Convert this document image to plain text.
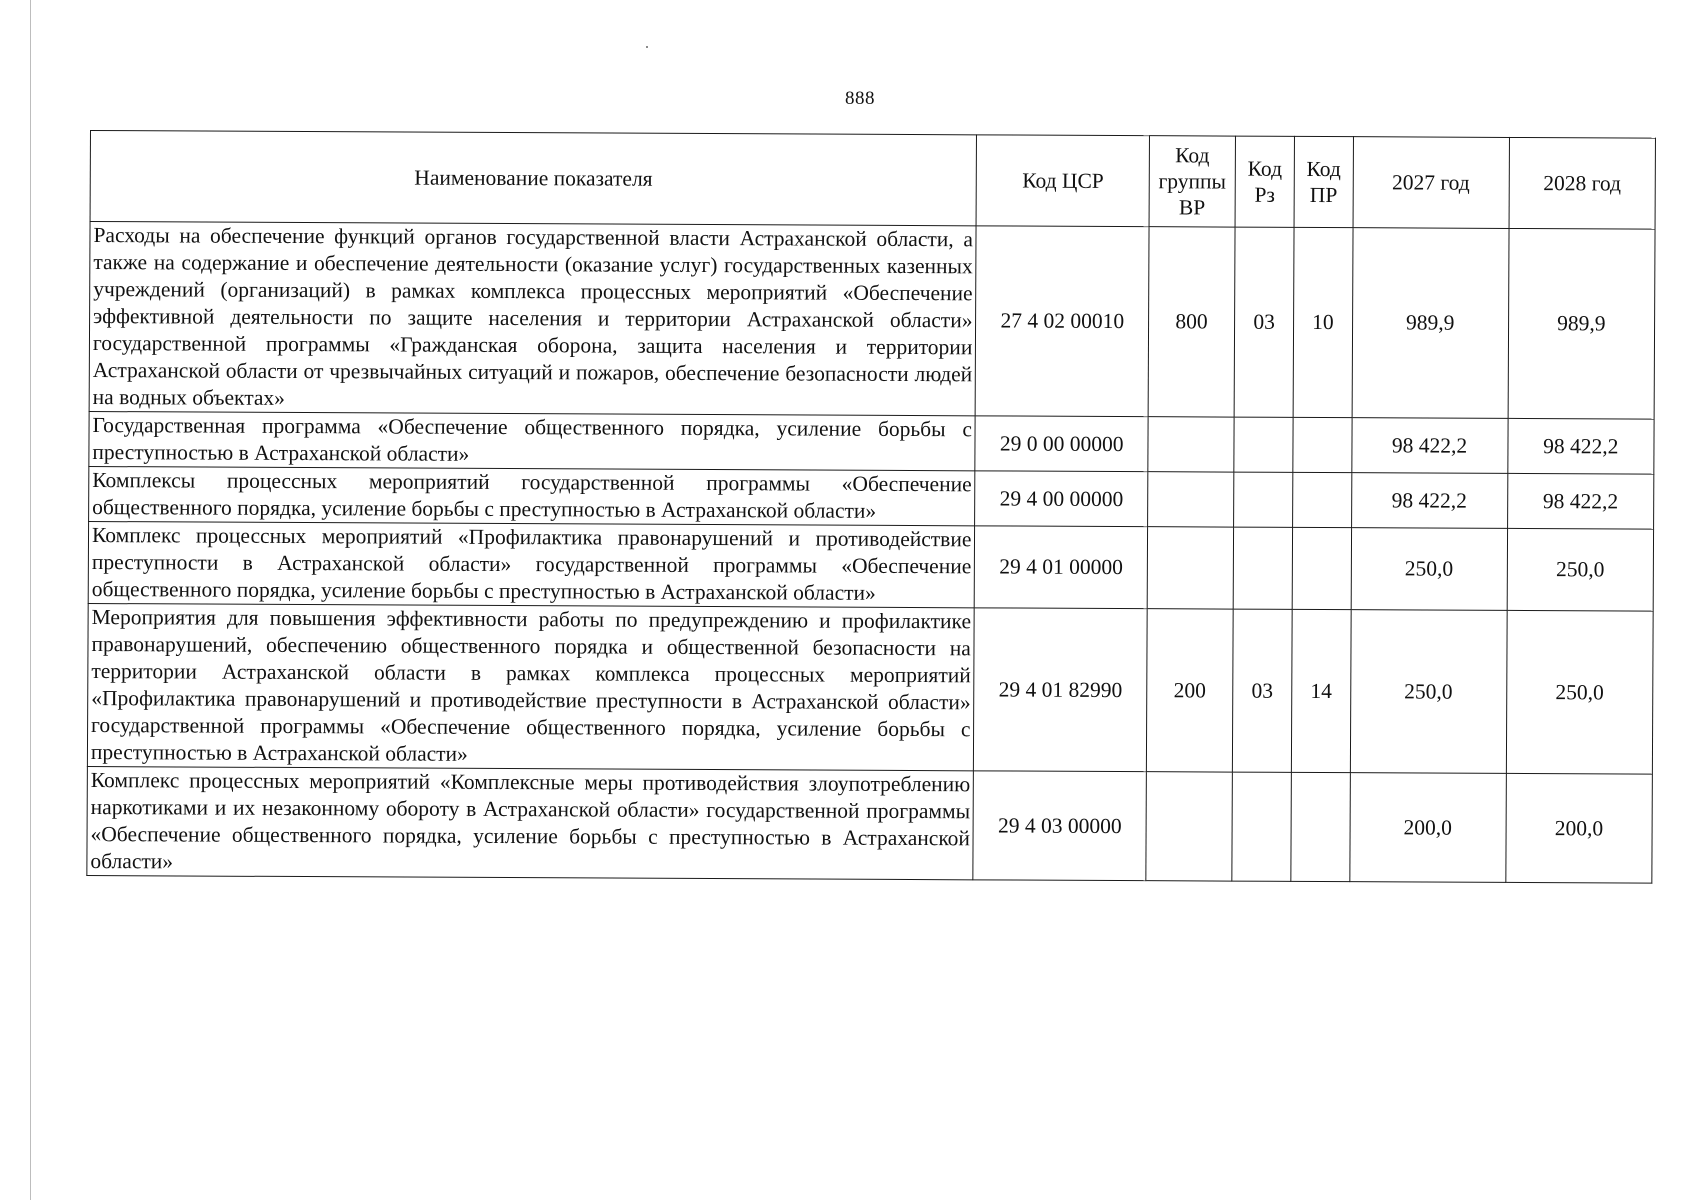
888
Наименование показателя	Код ЦСР	Код группы ВР	Код Рз	Код ПР	2027 год	2028 год
Расходы на обеспечение функций органов государственной власти Астраханской области, а также на содержание и обеспечение деятельности (оказание услуг) государственных казенных учреждений (организаций) в рамках комплекса процессных мероприятий «Обеспечение эффективной деятельности по защите населения и территории Астраханской области» государственной программы «Гражданская оборона, защита населения и территории Астраханской области от чрезвычайных ситуаций и пожаров, обеспечение безопасности людей на водных объектах»	27 4 02 00010	800	03	10	989,9	989,9
Государственная программа «Обеспечение общественного порядка, усиление борьбы с преступностью в Астраханской области»	29 0 00 00000				98 422,2	98 422,2
Комплексы процессных мероприятий государственной программы «Обеспечение общественного порядка, усиление борьбы с преступностью в Астраханской области»	29 4 00 00000				98 422,2	98 422,2
Комплекс процессных мероприятий «Профилактика правонарушений и противодействие преступности в Астраханской области» государственной программы «Обеспечение общественного порядка, усиление борьбы с преступностью в Астраханской области»	29 4 01 00000				250,0	250,0
Мероприятия для повышения эффективности работы по предупреждению и профилактике правонарушений, обеспечению общественного порядка и общественной безопасности на территории Астраханской области в рамках комплекса процессных мероприятий «Профилактика правонарушений и противодействие преступности в Астраханской области» государственной программы «Обеспечение общественного порядка, усиление борьбы с преступностью в Астраханской области»	29 4 01 82990	200	03	14	250,0	250,0
Комплекс процессных мероприятий «Комплексные меры противодействия злоупотреблению наркотиками и их незаконному обороту в Астраханской области» государственной программы «Обеспечение общественного порядка, усиление борьбы с преступностью в Астраханской области»	29 4 03 00000				200,0	200,0
